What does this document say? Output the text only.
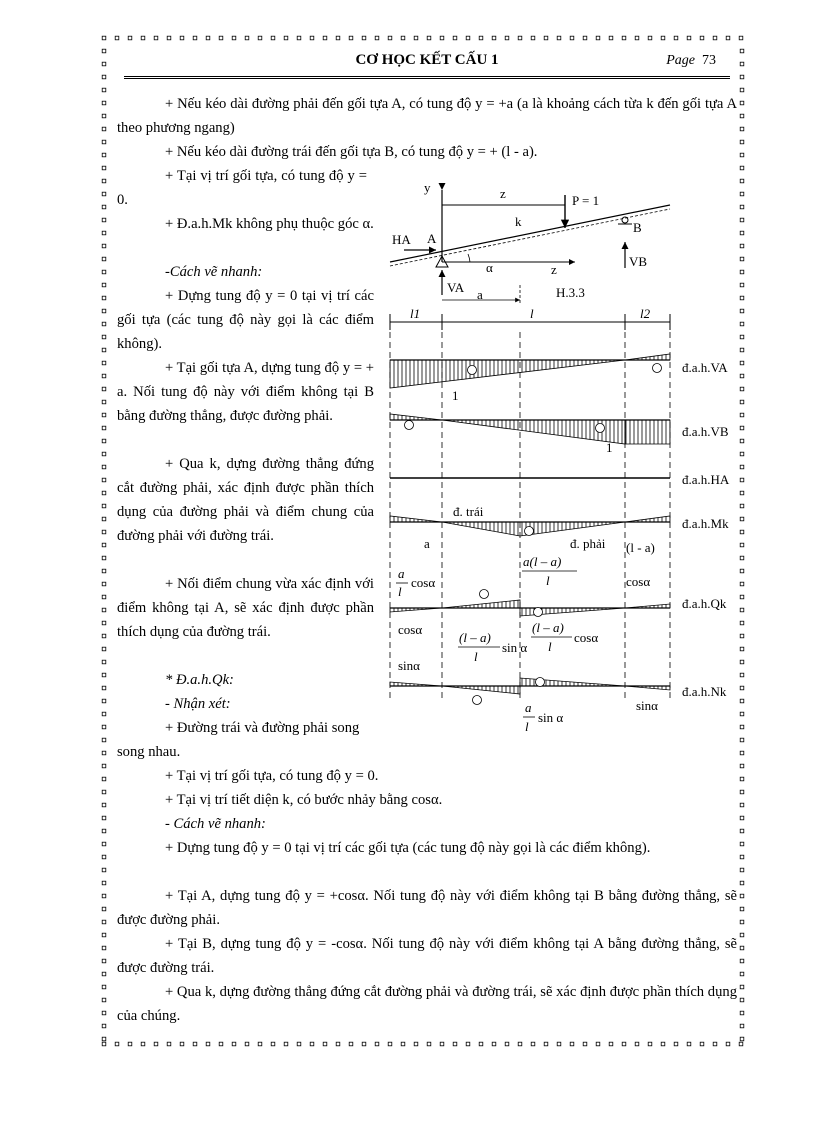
CƠ HỌC KẾT CẤU 1	Page 73

+ Nếu kéo dài đường phải đến gối tựa A, có tung độ y = +a (a là khoảng cách từa k đến gối tựa A theo phương ngang)

+ Nếu kéo dài đường trái đến gối tựa B, có tung độ y = + (l - a).

+ Tại vị trí gối tựa, có tung độ y = 0.

+ Đ.a.h.Mk không phụ thuộc góc α.

-Cách vẽ nhanh:

+ Dựng tung độ y = 0 tại vị trí các gối tựa (các tung độ này gọi là các điểm không).

+ Tại gối tựa A, dựng tung độ y = + a. Nối tung độ này với điểm không tại B bằng đường thẳng, được đường phải.

+ Qua k, dựng đường thẳng đứng cắt đường phải, xác định được phần thích dụng của đường phải và điểm chung của đường phải với đường trái.

+ Nối điểm chung vừa xác định với điểm không tại A, sẽ xác định được phần thích dụng của đường trái.

* Đ.a.h.Qk:

- Nhận xét:

+ Đường trái và đường phải song song nhau.

+ Tại vị trí gối tựa, có tung độ y = 0.

+ Tại vị trí tiết diện k, có bước nhảy bằng cosα.

- Cách vẽ nhanh:

+ Dựng tung độ y = 0 tại vị trí các gối tựa (các tung độ này gọi là các điểm không).

+ Tại A, dựng tung độ y = +cosα. Nối tung độ này với điểm không tại B bằng đường thẳng, sẽ được đường phải.

+ Tại B, dựng tung độ y = -cosα. Nối tung độ này với điểm không tại A bằng đường thẳng, sẽ được đường trái.

+ Qua k, dựng đường thẳng đứng cắt đường phải và đường trái, sẽ xác định được phần thích dụng của chúng.

y	z	P = 1
k
A
B
HA
VA
VB
α	z
a	H.3.3
l1	l	l2
đ.a.h.VA
đ.a.h.VB
đ.a.h.HA
đ.a.h.Mk
đ.a.h.Qk
đ.a.h.Nk
1
1
đ. trái
đ. phải
a	(l - a)
a(l – a)
l
a
l
cosα	cosα
cosα
(l – a)
l
sin α
(l – a)
l
cosα
sinα
sinα
a
l
sin α
